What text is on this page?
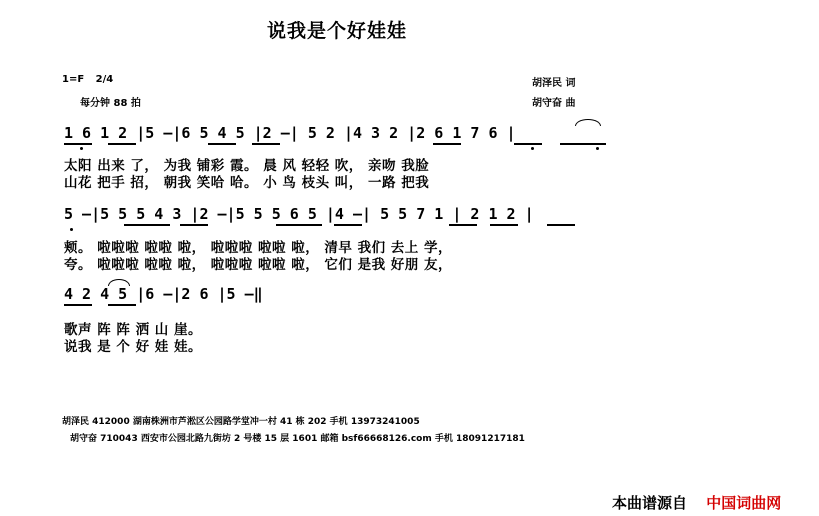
说我是个好娃娃
1=F 2/4
每分钟 88 拍
胡泽民 词
胡守奋 曲
1 6 1 2 |5 —|6 5 4 5 |2 —| 5 2 |4 3 2 |2 6 1 7 6 |
太阳 出来 了， 为我 铺彩 霞。 晨 风 轻轻 吹， 亲吻 我脸
山花 把手 招， 朝我 笑哈 哈。 小 鸟 枝头 叫， 一路 把我
5 —|5 5 5 4 3 |2 —|5 5 5 6 5 |4 —| 5 5 7 1 | 2 1 2 |
颊。 啦啦啦 啦啦 啦， 啦啦啦 啦啦 啦， 清早 我们 去上 学，
夸。 啦啦啦 啦啦 啦， 啦啦啦 啦啦 啦， 它们 是我 好朋 友，
4 2 4 5 |6 —|2 6 |5 —‖
歌声 阵 阵 洒 山 崖。
说我 是 个 好 娃 娃。
胡泽民 412000 湖南株洲市芦淞区公园路学堂冲一村 41 栋 202 手机 13973241005
胡守奋 710043 西安市公园北路九街坊 2 号楼 15 层 1601 邮箱 bsf66668126.com 手机 18091217181
本曲谱源自 中国词曲网
